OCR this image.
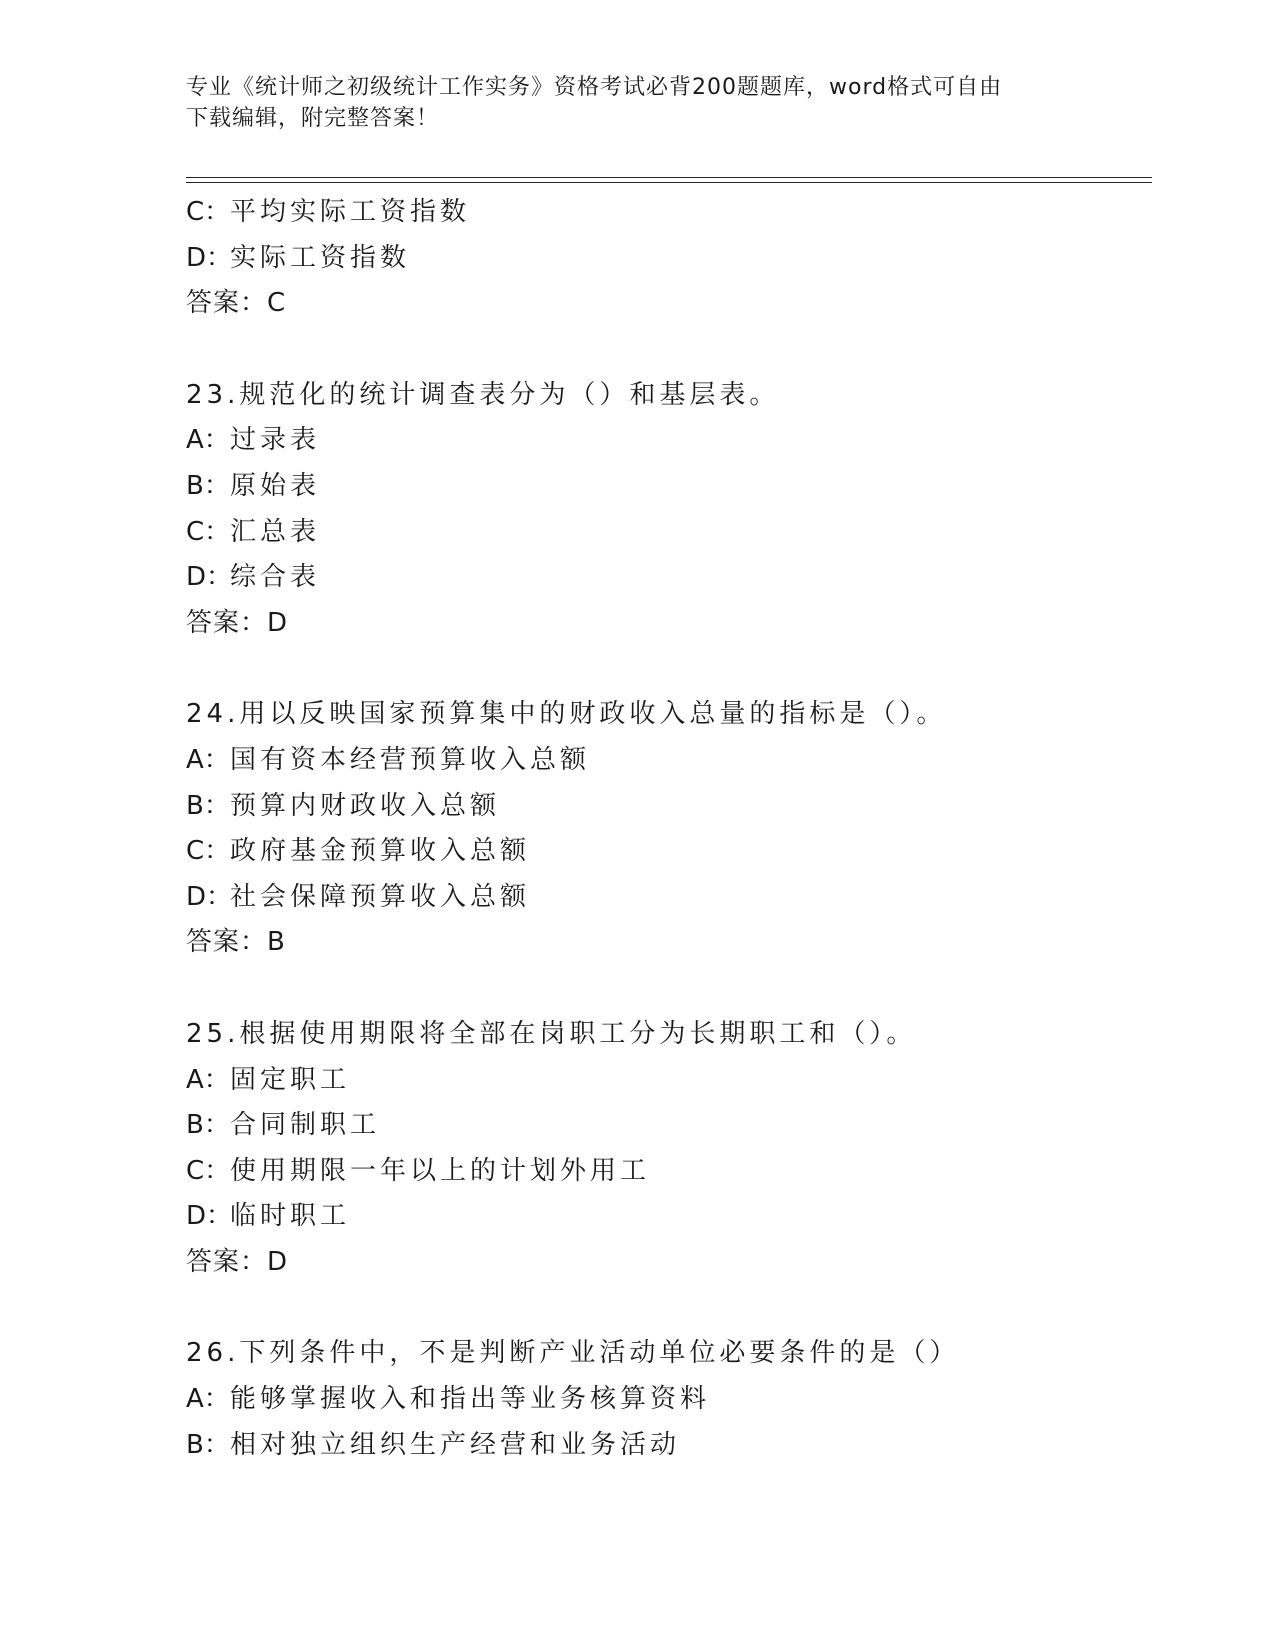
专业《统计师之初级统计工作实务》资格考试必背200题题库，word格式可自由
下载编辑，附完整答案！
C：平均实际工资指数
D：实际工资指数
答案：C
23.规范化的统计调查表分为（）和基层表。
A：过录表
B：原始表
C：汇总表
D：综合表
答案：D
24.用以反映国家预算集中的财政收入总量的指标是（）。
A：国有资本经营预算收入总额
B：预算内财政收入总额
C：政府基金预算收入总额
D：社会保障预算收入总额
答案：B
25.根据使用期限将全部在岗职工分为长期职工和（）。
A：固定职工
B：合同制职工
C：使用期限一年以上的计划外用工
D：临时职工
答案：D
26.下列条件中，不是判断产业活动单位必要条件的是（）
A：能够掌握收入和指出等业务核算资料
B：相对独立组织生产经营和业务活动
